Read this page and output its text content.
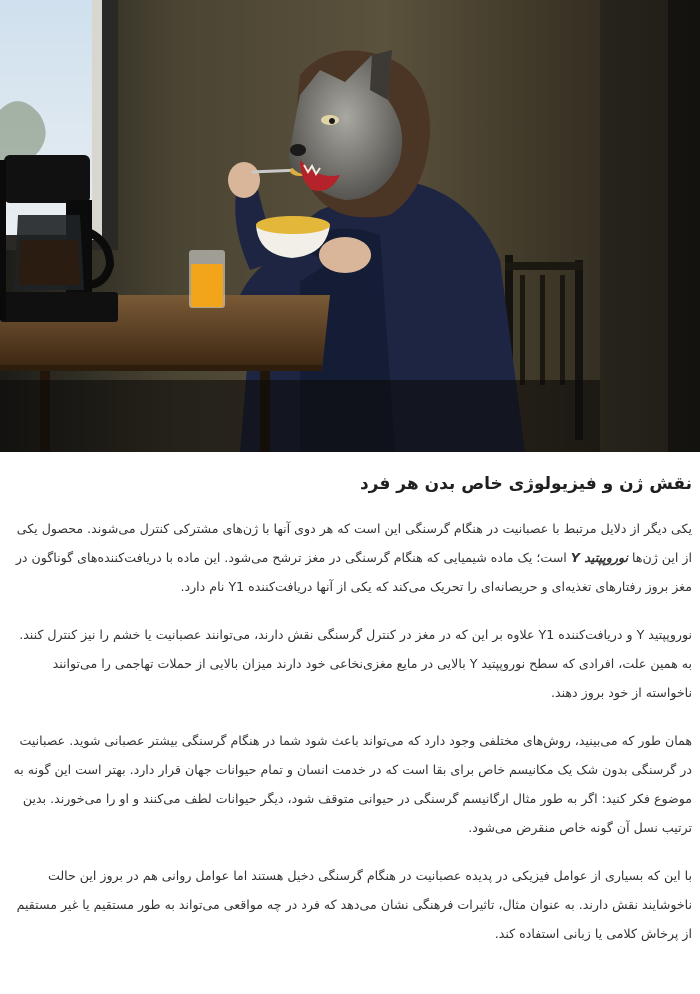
نقش ژن و فیزیولوژی خاص بدن هر فرد

یکی دیگر از دلایل مرتبط با عصبانیت در هنگام گرسنگی این است که هر دوی آنها با ژن‌های مشترکی کنترل می‌شوند. محصول یکی از این ژن‌ها نوروپپتید Y است؛ یک ماده شیمیایی که هنگام گرسنگی در مغز ترشح می‌شود. این ماده با دریافت‌کننده‌های گوناگون در مغز بروز رفتارهای تغذیه‌ای و حریصانه‌ای را تحریک می‌کند که یکی از آنها دریافت‌کننده Y1 نام دارد.

نوروپپتید Y و دریافت‌کننده Y1 علاوه بر این که در مغز در کنترل گرسنگی نقش دارند، می‌توانند عصبانیت یا خشم را نیز کنترل کنند. به همین علت، افرادی که سطح نوروپپتید Y بالایی در مایع مغزی‌نخاعی خود دارند میزان بالایی از حملات تهاجمی را می‌توانند ناخواسته از خود بروز دهند.

همان طور که می‌بینید، روش‌های مختلفی وجود دارد که می‌تواند باعث شود شما در هنگام گرسنگی بیشتر عصبانی شوید. عصبانیت در گرسنگی بدون شک یک مکانیسم خاص برای بقا است که در خدمت انسان و تمام حیوانات جهان قرار دارد. بهتر است این گونه به موضوع فکر کنید: اگر به طور مثال ارگانیسم گرسنگی در حیوانی متوقف شود، دیگر حیوانات لطف می‌کنند و او را می‌خورند. بدین ترتیب نسل آن گونه خاص منقرض می‌شود.

با این که بسیاری از عوامل فیزیکی در پدیده عصبانیت در هنگام گرسنگی دخیل هستند اما عوامل روانی هم در بروز این حالت ناخوشایند نقش دارند. به عنوان مثال، تاثیرات فرهنگی نشان می‌دهد که فرد در چه مواقعی می‌تواند به طور مستقیم یا غیر مستقیم از پرخاش کلامی یا زبانی استفاده کند.
